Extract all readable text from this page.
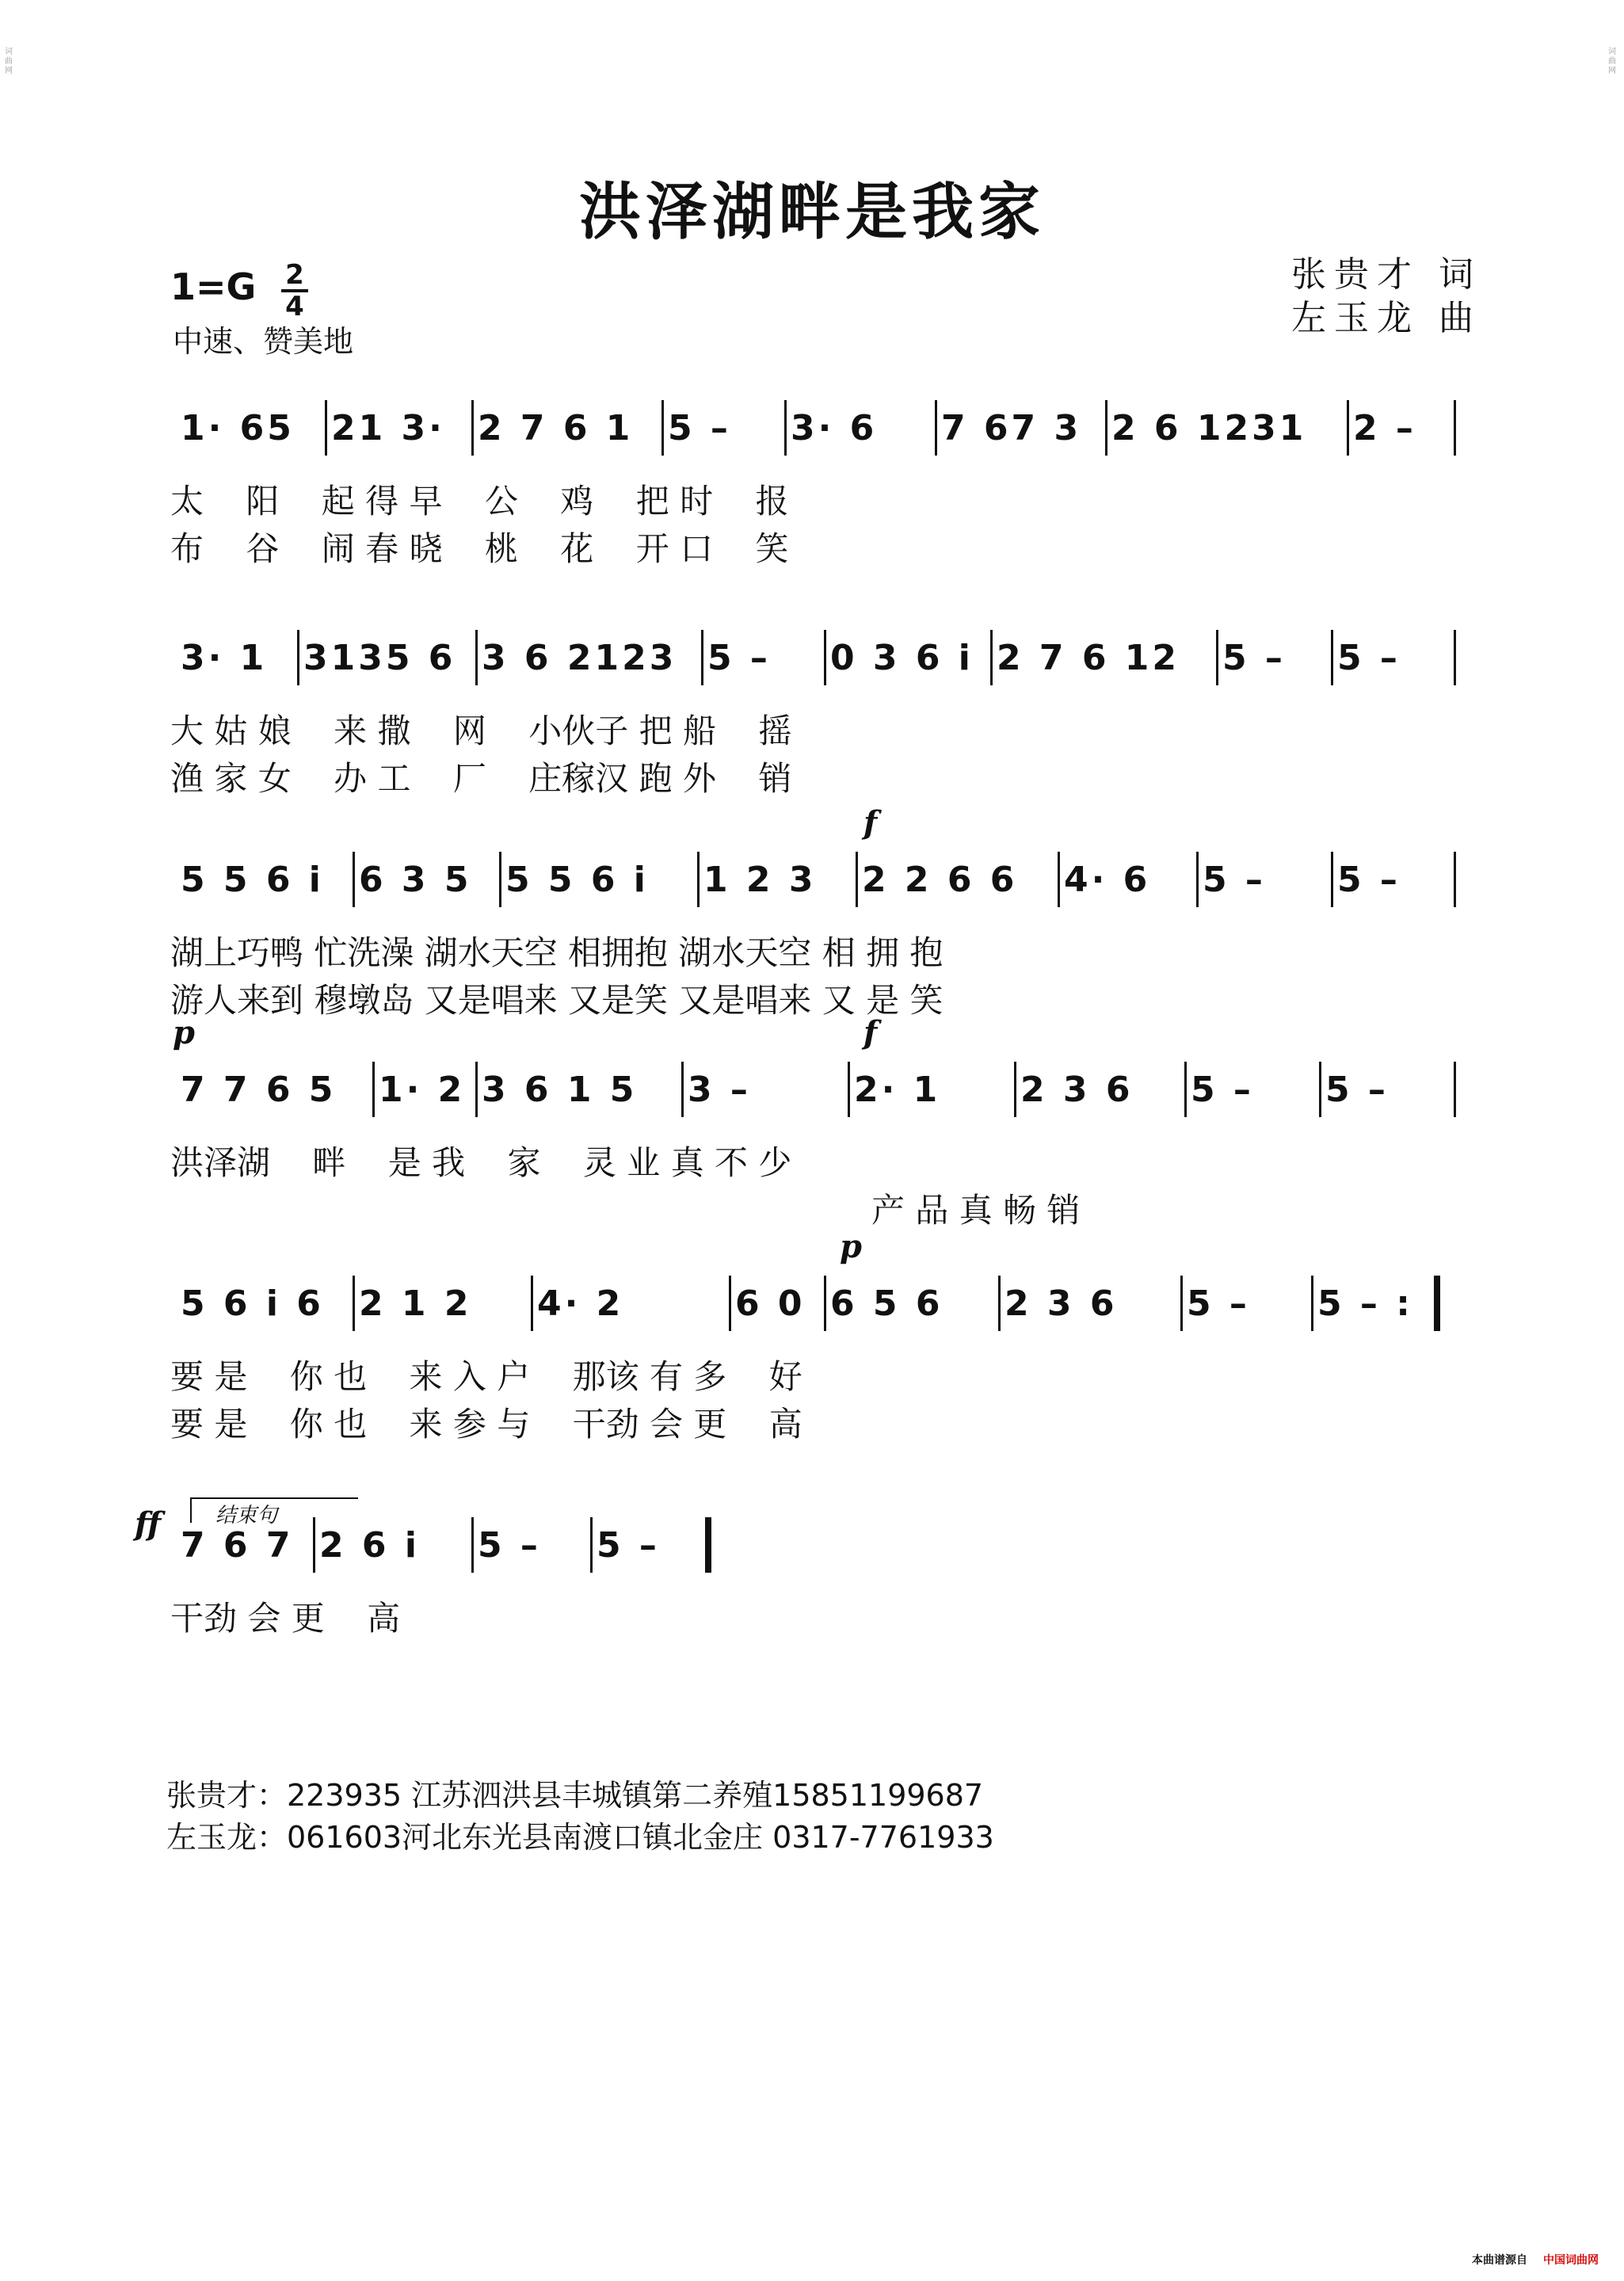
词曲网
词曲网
洪泽湖畔是我家
张贵才 词
左玉龙 曲
1=G 2
4
中速、赞美地
1· 65 21 3· 2 7 6 1 5 – 3· 6 7 67 3 2 6 1231 2 –
太    阳    起 得 早    公    鸡    把 时    报
布    谷    闹 春 晓    桃    花    开 口    笑
3· 1 3135 6 3 6 2123 5 – 0 3 6 i 2 7 6 12 5 – 5 –
大 姑 娘    来 撒    网    小伙子 把 船    摇
渔 家 女    办 工    厂    庄稼汉 跑 外    销
5 5 6 i 6 3 5 5 5 6 i 1 2 3 2 2 6 6 4· 6 5 – 5 –
湖上巧鸭 忙洗澡 湖水天空 相拥抱 湖水天空 相 拥 抱
游人来到 穆墩岛 又是唱来 又是笑 又是唱来 又 是 笑
f
7 7 6 5 1· 2 3 6 1 5 3 –	2· 1 2 3 6 5 – 5 –
洪泽湖    畔    是 我    家    灵 业 真 不 少
产 品 真 畅 销
p	f
5 6 i 6 2 1 2 4· 2	6 0 6 5 6 2 3 6 5 – 5 – :
要 是    你 也    来 入 户    那该 有 多    好
要 是    你 也    来 参 与    干劲 会 更    高
p
7 6 7 2 6 i 5 – 5 –
干劲 会 更    高
ff	结束句
张贵才：223935 江苏泗洪县丰城镇第二养殖15851199687
左玉龙：061603河北东光县南渡口镇北金庄 0317-7761933
本曲谱源自 中国词曲网
